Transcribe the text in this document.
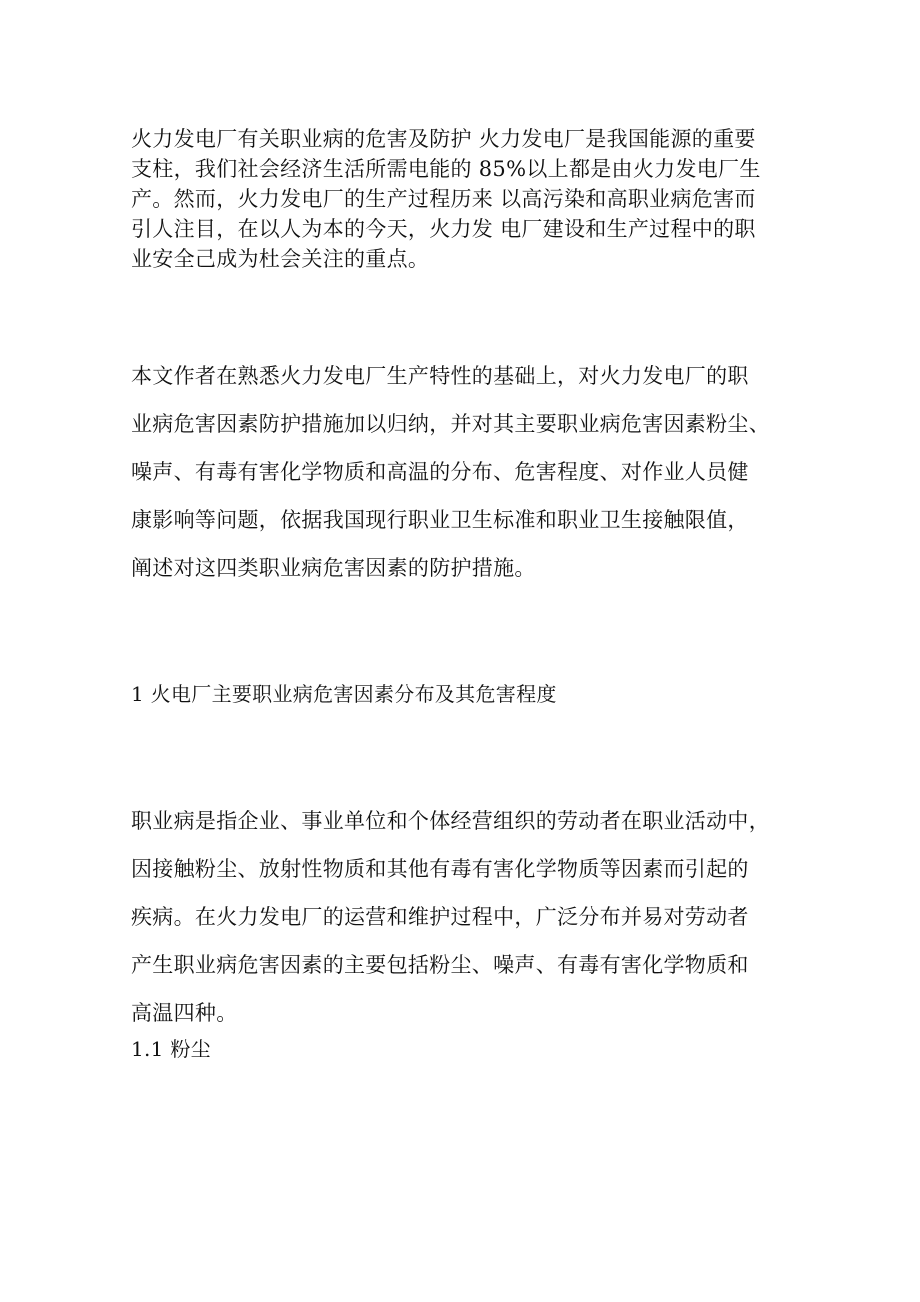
火力发电厂有关职业病的危害及防护 火力发电厂是我国能源的重要
支柱，我们社会经济生活所需电能的 85%以上都是由火力发电厂生
产。然而，火力发电厂的生产过程历来 以高污染和高职业病危害而
引人注目，在以人为本的今天，火力发 电厂建设和生产过程中的职
业安全己成为杜会关注的重点。
本文作者在熟悉火力发电厂生产特性的基础上，对火力发电厂的职
业病危害因素防护措施加以归纳，并对其主要职业病危害因素粉尘、
噪声、有毒有害化学物质和高温的分布、危害程度、对作业人员健
康影响等问题，依据我国现行职业卫生标准和职业卫生接触限值，
阐述对这四类职业病危害因素的防护措施。
1 火电厂主要职业病危害因素分布及其危害程度
职业病是指企业、事业单位和个体经营组织的劳动者在职业活动中，
因接触粉尘、放射性物质和其他有毒有害化学物质等因素而引起的
疾病。在火力发电厂的运营和维护过程中，广泛分布并易对劳动者
产生职业病危害因素的主要包括粉尘、噪声、有毒有害化学物质和
高温四种。
1.1 粉尘
